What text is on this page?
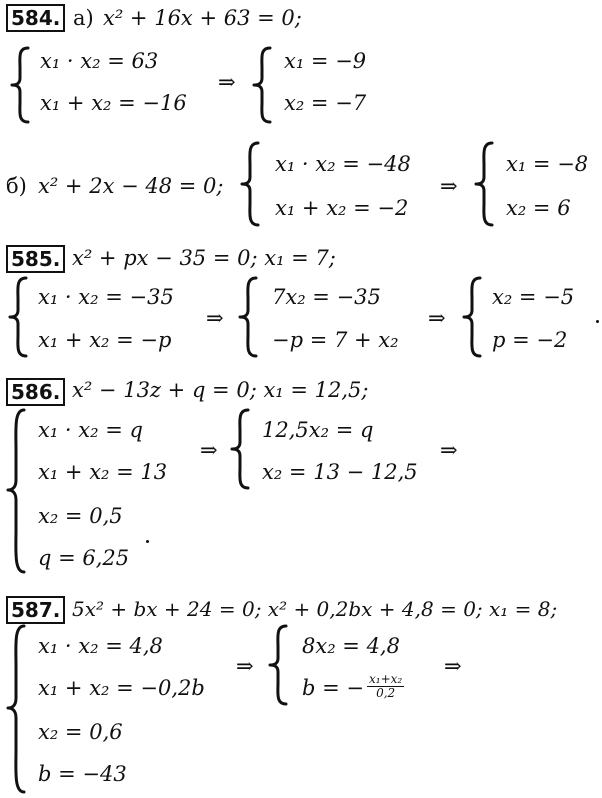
584. а) x² + 16x + 63 = 0;
x₁ · x₂ = 63
x₁ + x₂ = −16
⇒
x₁ = −9
x₂ = −7
б) x² + 2x − 48 = 0;
x₁ · x₂ = −48
x₁ + x₂ = −2
⇒
x₁ = −8
x₂ = 6
585. x² + px − 35 = 0; x₁ = 7;
x₁ · x₂ = −35
x₁ + x₂ = −p
⇒
7x₂ = −35
−p = 7 + x₂
⇒
x₂ = −5
p = −2
586. x² − 13z + q = 0; x₁ = 12,5;
x₁ · x₂ = q
x₁ + x₂ = 13
⇒
12,5x₂ = q
x₂ = 13 − 12,5
⇒
x₂ = 0,5
q = 6,25
587. 5x² + bx + 24 = 0; x² + 0,2bx + 4,8 = 0; x₁ = 8;
x₁ · x₂ = 4,8
x₁ + x₂ = −0,2b
⇒
8x₂ = 4,8
b = − $\frac{\text{x₁+x₂}}{0,2}$
⇒
x₂ = 0,6
b = −43
